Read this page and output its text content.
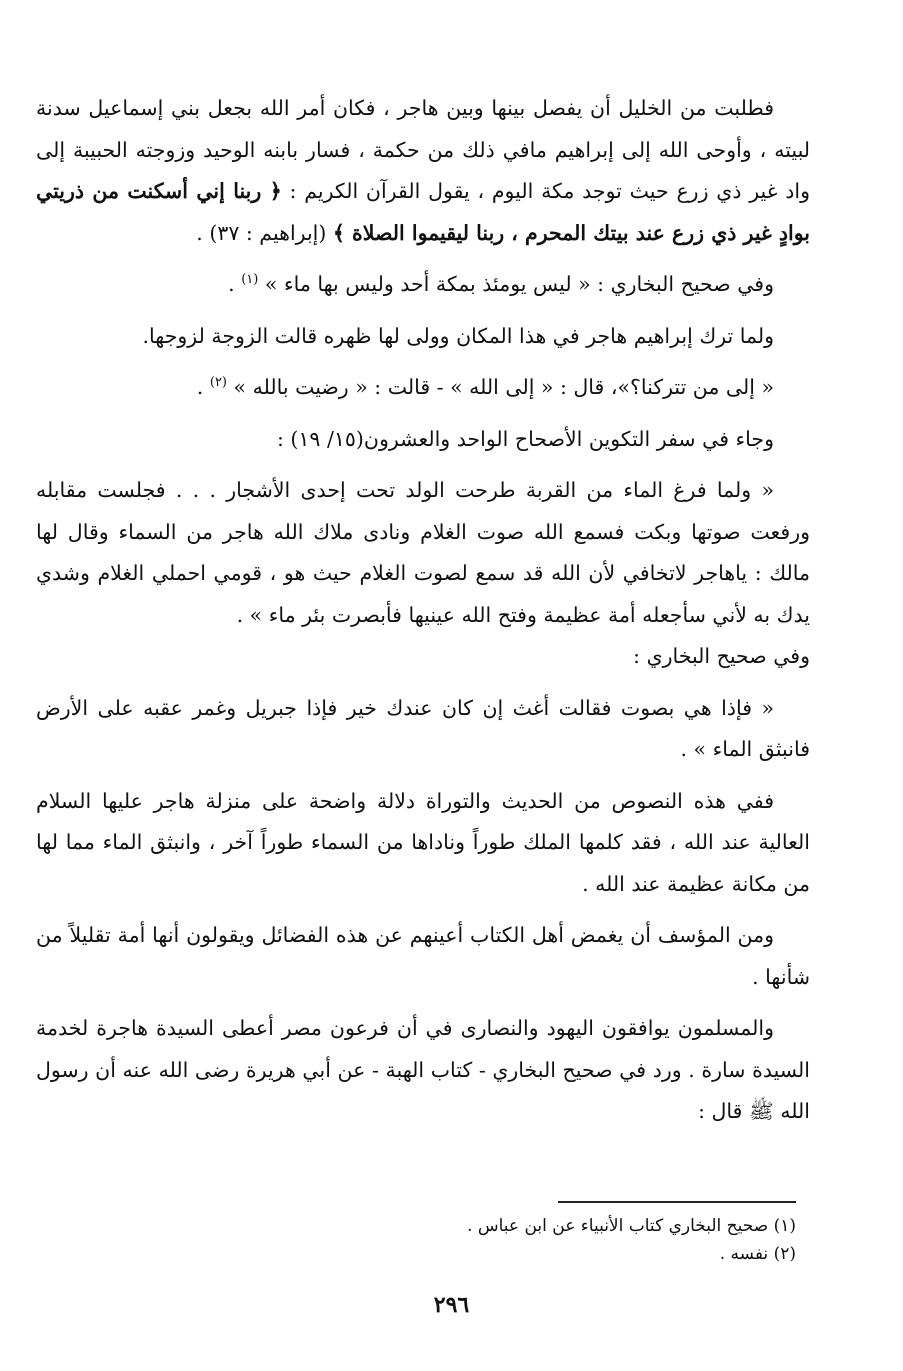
فطلبت من الخليل أن يفصل بينها وبين هاجر ، فكان أمر الله بجعل بني إسماعيل سدنة لبيته ، وأوحى الله إلى إبراهيم مافي ذلك من حكمة ، فسار بابنه الوحيد وزوجته الحبيبة إلى واد غير ذي زرع حيث توجد مكة اليوم ، يقول القرآن الكريم : ﴿ ربنا إني أسكنت من ذريتي بوادٍ غير ذي زرع عند بيتك المحرم ، ربنا ليقيموا الصلاة ﴾ (إبراهيم : ٣٧) .

وفي صحيح البخاري : « ليس يومئذ بمكة أحد وليس بها ماء » $^{(١)}$ .

ولما ترك إبراهيم هاجر في هذا المكان وولى لها ظهره قالت الزوجة لزوجها.

« إلى من تتركنا؟»، قال : « إلى الله » - قالت : « رضيت بالله » $^{(٢)}$ .

وجاء في سفر التكوين الأصحاح الواحد والعشرون(١٥/ ١٩) :

« ولما فرغ الماء من القربة طرحت الولد تحت إحدى الأشجار . . . فجلست مقابله ورفعت صوتها وبكت فسمع الله صوت الغلام ونادى ملاك الله هاجر من السماء وقال لها مالك : ياهاجر لاتخافي لأن الله قد سمع لصوت الغلام حيث هو ، قومي احملي الغلام وشدي يدك به لأني سأجعله أمة عظيمة وفتح الله عينيها فأبصرت بئر ماء » .

وفي صحيح البخاري :

« فإذا هي بصوت فقالت أغث إن كان عندك خير فإذا جبريل وغمر عقبه على الأرض فانبثق الماء » .

ففي هذه النصوص من الحديث والتوراة دلالة واضحة على منزلة هاجر عليها السلام العالية عند الله ، فقد كلمها الملك طوراً وناداها من السماء طوراً آخر ، وانبثق الماء مما لها من مكانة عظيمة عند الله .

ومن المؤسف أن يغمض أهل الكتاب أعينهم عن هذه الفضائل ويقولون أنها أمة تقليلاً من شأنها .

والمسلمون يوافقون اليهود والنصارى في أن فرعون مصر أعطى السيدة هاجرة لخدمة السيدة سارة . ورد في صحيح البخاري - كتاب الهبة - عن أبي هريرة رضى الله عنه أن رسول الله ﷺ قال :

(١) صحيح البخاري كتاب الأنبياء عن ابن عباس .

(٢) نفسه .

٢٩٦
